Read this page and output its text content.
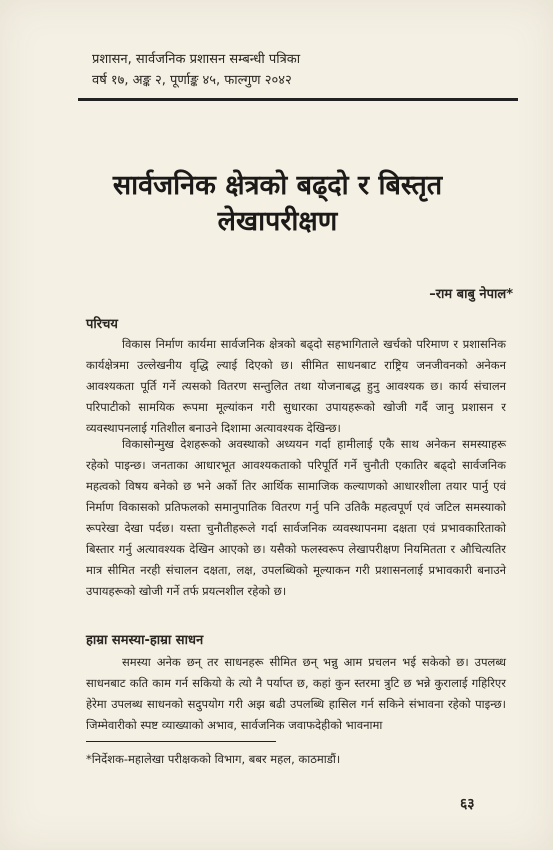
प्रशासन, सार्वजनिक प्रशासन सम्बन्धी पत्रिका
वर्ष १७, अङ्क २, पूर्णाङ्क ४५, फाल्गुण २०४२
सार्वजनिक क्षेत्रको बढ्दो र बिस्तृत
लेखापरीक्षण
–राम बाबु नेपाल*
परिचय
विकास निर्माण कार्यमा सार्वजनिक क्षेत्रको बढ्दो सहभागिताले खर्चको परिमाण र प्रशासनिक कार्यक्षेत्रमा उल्लेखनीय वृद्धि ल्याई दिएको छ। सीमित साधनबाट राष्ट्रिय जनजीवनको अनेकन आवश्यकता पूर्ति गर्ने त्यसको वितरण सन्तुलित तथा योजनाबद्ध हुनु आवश्यक छ। कार्य संचालन परिपाटीको सामयिक रूपमा मूल्यांकन गरी सुधारका उपायहरूको खोजी गर्दै जानु प्रशासन र व्यवस्थापनलाई गतिशील बनाउने दिशामा अत्यावश्यक देखिन्छ।
विकासोन्मुख देशहरूको अवस्थाको अध्ययन गर्दा हामीलाई एकै साथ अनेकन समस्याहरू रहेको पाइन्छ। जनताका आधारभूत आवश्यकताको परिपूर्ति गर्ने चुनौती एकातिर बढ्दो सार्वजनिक महत्वको विषय बनेको छ भने अर्को तिर आर्थिक सामाजिक कल्याणको आधारशीला तयार पार्नु एवं निर्माण विकासको प्रतिफलको समानुपातिक वितरण गर्नु पनि उतिकै महत्वपूर्ण एवं जटिल समस्याको रूपरेखा देखा पर्दछ। यस्ता चुनौतीहरूले गर्दा सार्वजनिक व्यवस्थापनमा दक्षता एवं प्रभावकारिताको बिस्तार गर्नु अत्यावश्यक देखिन आएको छ। यसैको फलस्वरूप लेखापरीक्षण नियमितता र औचित्यतिर मात्र सीमित नरही संचालन दक्षता, लक्ष, उपलब्धिको मूल्याकन गरी प्रशासनलाई प्रभावकारी बनाउने उपायहरूको खोजी गर्ने तर्फ प्रयत्नशील रहेको छ।
हाम्रा समस्या-हाम्रा साधन
समस्या अनेक छन् तर साधनहरू सीमित छन् भन्नु आम प्रचलन भई सकेको छ। उपलब्ध साधनबाट कति काम गर्न सकियो के त्यो नै पर्याप्त छ, कहां कुन स्तरमा त्रुटि छ भन्ने कुरालाई गहिरिएर हेरेमा उपलब्ध साधनको सदुपयोग गरी अझ बढी उपलब्धि हासिल गर्न सकिने संभावना रहेको पाइन्छ। जिम्मेवारीको स्पष्ट व्याख्याको अभाव, सार्वजनिक जवाफदेहीको भावनामा
*निर्देशक-महालेखा परीक्षकको विभाग, बबर महल, काठमाडौं।
६३
